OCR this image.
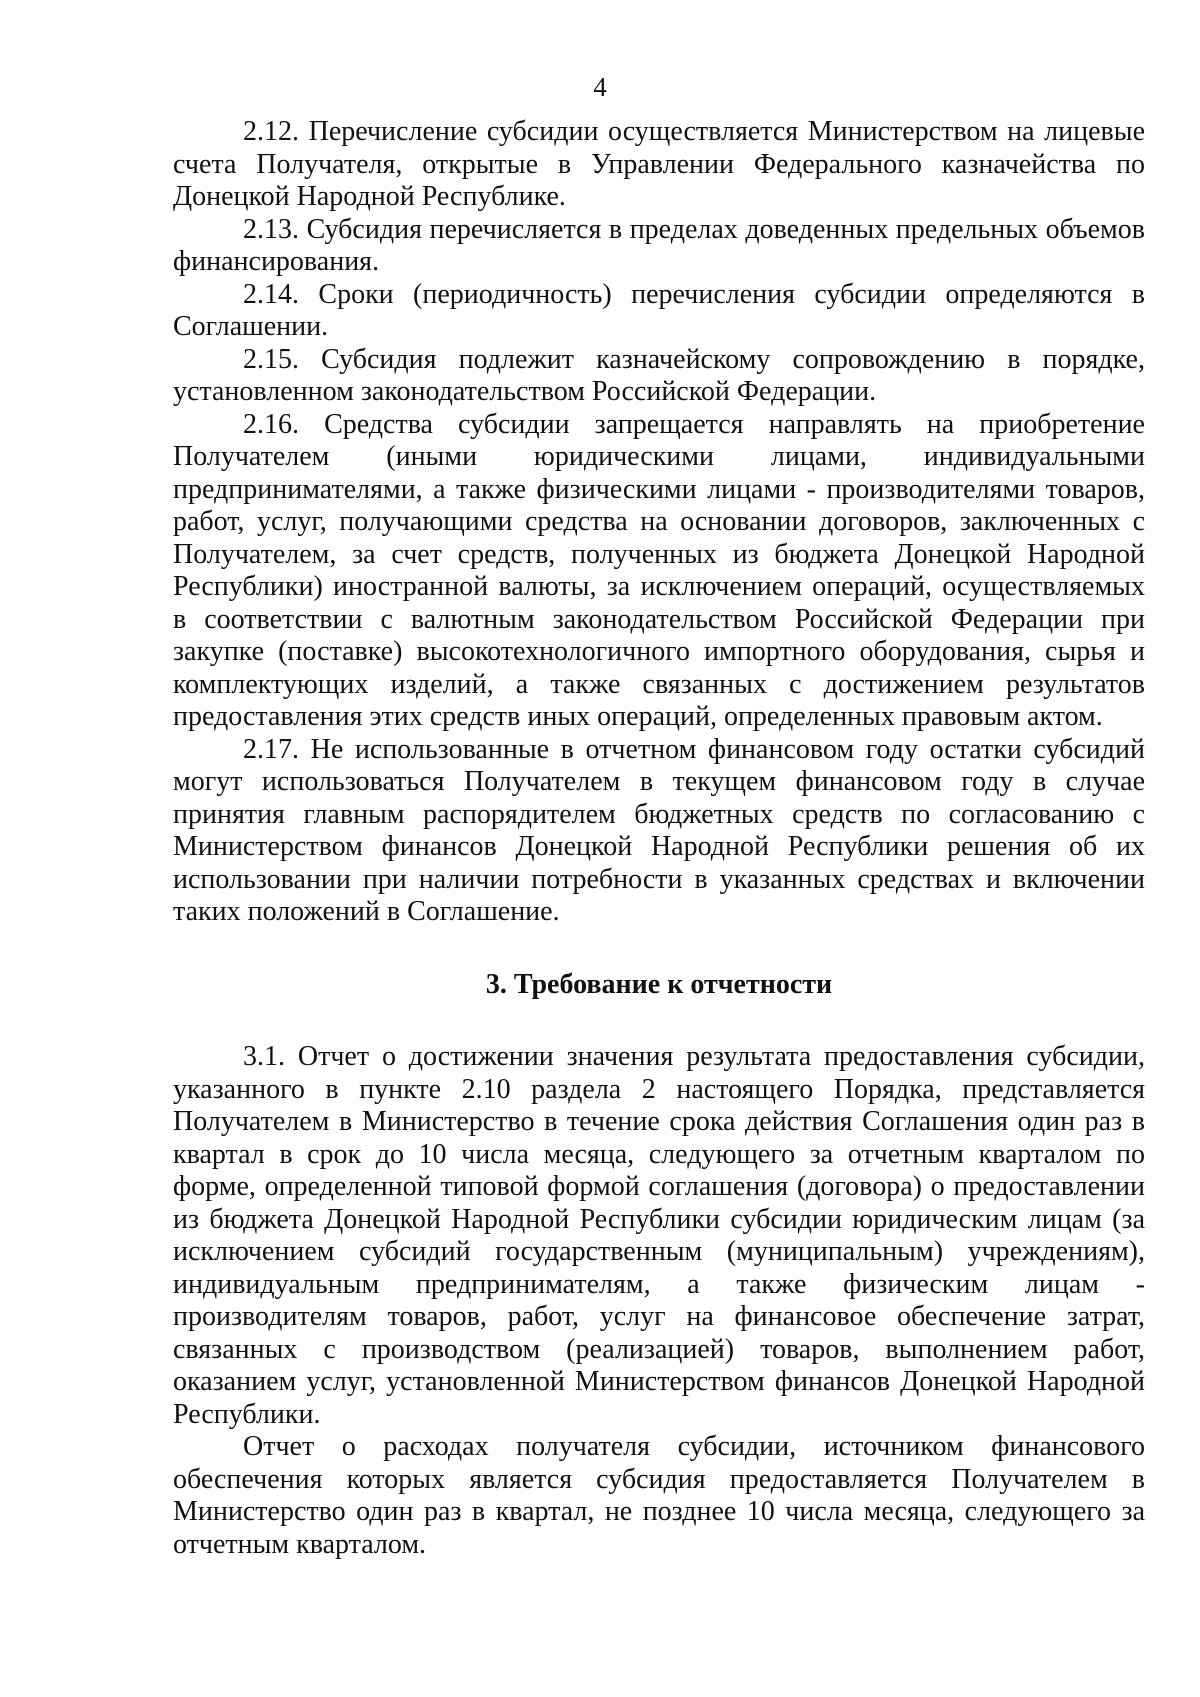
4

2.12. Перечисление субсидии осуществляется Министерством на лицевые счета Получателя, открытые в Управлении Федерального казначейства по Донецкой Народной Республике.

2.13. Субсидия перечисляется в пределах доведенных предельных объемов финансирования.

2.14. Сроки (периодичность) перечисления субсидии определяются в Соглашении.

2.15. Субсидия подлежит казначейскому сопровождению в порядке, установленном законодательством Российской Федерации.

2.16. Средства субсидии запрещается направлять на приобретение Получателем (иными юридическими лицами, индивидуальными предпринимателями, а также физическими лицами - производителями товаров, работ, услуг, получающими средства на основании договоров, заключенных с Получателем, за счет средств, полученных из бюджета Донецкой Народной Республики) иностранной валюты, за исключением операций, осуществляемых в соответствии с валютным законодательством Российской Федерации при закупке (поставке) высокотехнологичного импортного оборудования, сырья и комплектующих изделий, а также связанных с достижением результатов предоставления этих средств иных операций, определенных правовым актом.

2.17. Не использованные в отчетном финансовом году остатки субсидий могут использоваться Получателем в текущем финансовом году в случае принятия главным распорядителем бюджетных средств по согласованию с Министерством финансов Донецкой Народной Республики решения об их использовании при наличии потребности в указанных средствах и включении таких положений в Соглашение.

3. Требование к отчетности

3.1. Отчет о достижении значения результата предоставления субсидии, указанного в пункте 2.10 раздела 2 настоящего Порядка, представляется Получателем в Министерство в течение срока действия Соглашения один раз в квартал в срок до 10 числа месяца, следующего за отчетным кварталом по форме, определенной типовой формой соглашения (договора) о предоставлении из бюджета Донецкой Народной Республики субсидии юридическим лицам (за исключением субсидий государственным (муниципальным) учреждениям), индивидуальным предпринимателям, а также физическим лицам - производителям товаров, работ, услуг на финансовое обеспечение затрат, связанных с производством (реализацией) товаров, выполнением работ, оказанием услуг, установленной Министерством финансов Донецкой Народной Республики.

Отчет о расходах получателя субсидии, источником финансового обеспечения которых является субсидия предоставляется Получателем в Министерство один раз в квартал, не позднее 10 числа месяца, следующего за отчетным кварталом.
